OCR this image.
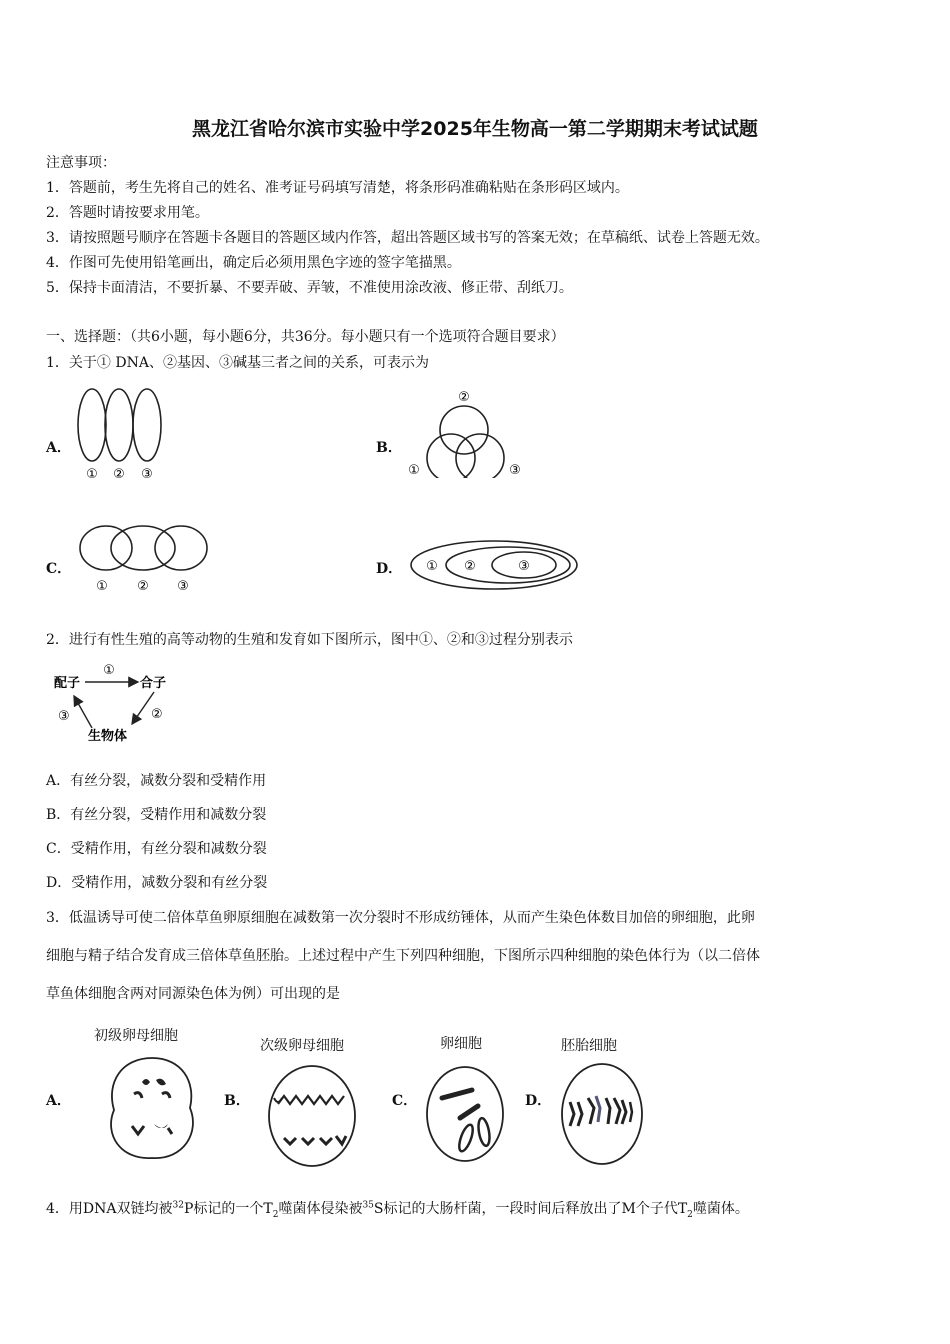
黑龙江省哈尔滨市实验中学2025年生物高一第二学期期末考试试题
注意事项：
1．答题前，考生先将自己的姓名、准考证号码填写清楚，将条形码准确粘贴在条形码区域内。
2．答题时请按要求用笔。
3．请按照题号顺序在答题卡各题目的答题区域内作答，超出答题区域书写的答案无效；在草稿纸、试卷上答题无效。
4．作图可先使用铅笔画出，确定后必须用黑色字迹的签字笔描黑。
5．保持卡面清洁，不要折暴、不要弄破、弄皱，不准使用涂改液、修正带、刮纸刀。
一、选择题：（共6小题，每小题6分，共36分。每小题只有一个选项符合题目要求）
1．关于① DNA、②基因、③碱基三者之间的关系，可表示为
A．
① ② ③
B．
②
①	③
C．
① ② ③
D． ① ②	③
2．进行有性生殖的高等动物的生殖和发育如下图所示，图中①、②和③过程分别表示
①
配子	合子
②
③
生物体
A．有丝分裂，减数分裂和受精作用
B．有丝分裂，受精作用和减数分裂
C．受精作用，有丝分裂和减数分裂
D．受精作用，减数分裂和有丝分裂
3．低温诱导可使二倍体草鱼卵原细胞在减数第一次分裂时不形成纺锤体，从而产生染色体数目加倍的卵细胞，此卵
细胞与精子结合发育成三倍体草鱼胚胎。上述过程中产生下列四种细胞，下图所示四种细胞的染色体行为（以二倍体
草鱼体细胞含两对同源染色体为例）可出现的是
初级卵母细胞
次级卵母细胞	卵细胞	胚胎细胞
A．	B．	C．	D．
4．用DNA双链均被$^{32}$P标记的一个$T_2$噬菌体侵染被$^{35}$S标记的大肠杆菌，一段时间后释放出了M个子代$T_2$噬菌体。
